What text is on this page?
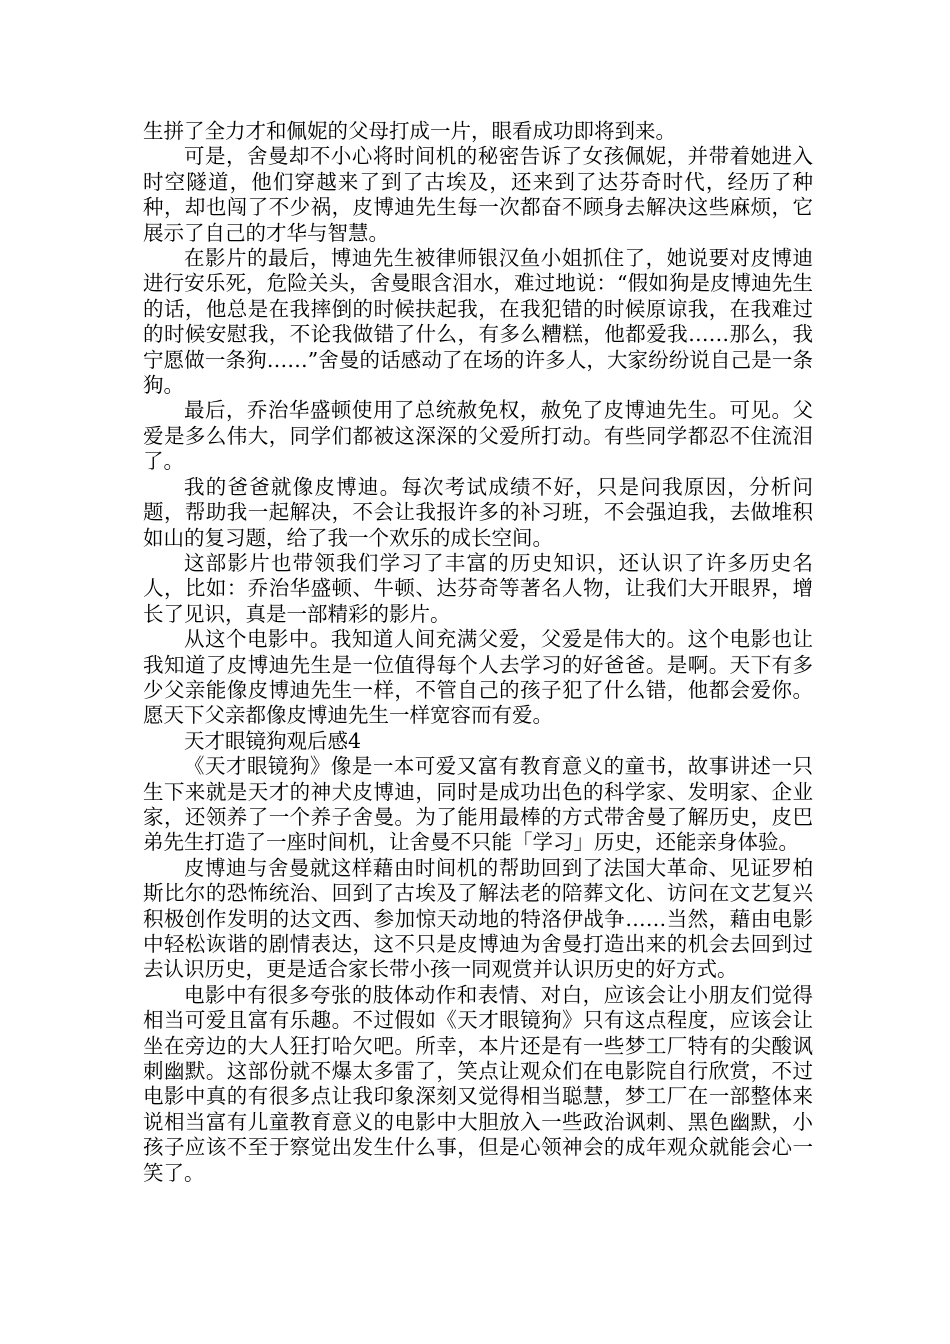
生拼了全力才和佩妮的父母打成一片，眼看成功即将到来。

可是，舍曼却不小心将时间机的秘密告诉了女孩佩妮，并带着她进入时空隧道，他们穿越来了到了古埃及，还来到了达芬奇时代，经历了种种，却也闯了不少祸，皮博迪先生每一次都奋不顾身去解决这些麻烦，它展示了自己的才华与智慧。

在影片的最后，博迪先生被律师银汉鱼小姐抓住了，她说要对皮博迪进行安乐死，危险关头，舍曼眼含泪水，难过地说：“假如狗是皮博迪先生的话，他总是在我摔倒的时候扶起我，在我犯错的时候原谅我，在我难过的时候安慰我，不论我做错了什么，有多么糟糕，他都爱我……那么，我宁愿做一条狗……”舍曼的话感动了在场的许多人，大家纷纷说自己是一条狗。

最后，乔治华盛顿使用了总统赦免权，赦免了皮博迪先生。可见。父爱是多么伟大，同学们都被这深深的父爱所打动。有些同学都忍不住流泪了。

我的爸爸就像皮博迪。每次考试成绩不好，只是问我原因，分析问题，帮助我一起解决，不会让我报许多的补习班，不会强迫我，去做堆积如山的复习题，给了我一个欢乐的成长空间。

这部影片也带领我们学习了丰富的历史知识，还认识了许多历史名人，比如：乔治华盛顿、牛顿、达芬奇等著名人物，让我们大开眼界，增长了见识，真是一部精彩的影片。

从这个电影中。我知道人间充满父爱，父爱是伟大的。这个电影也让我知道了皮博迪先生是一位值得每个人去学习的好爸爸。是啊。天下有多少父亲能像皮博迪先生一样，不管自己的孩子犯了什么错，他都会爱你。愿天下父亲都像皮博迪先生一样宽容而有爱。

天才眼镜狗观后感4

《天才眼镜狗》像是一本可爱又富有教育意义的童书，故事讲述一只生下来就是天才的神犬皮博迪，同时是成功出色的科学家、发明家、企业家，还领养了一个养子舍曼。为了能用最棒的方式带舍曼了解历史，皮巴弟先生打造了一座时间机，让舍曼不只能「学习」历史，还能亲身体验。

皮博迪与舍曼就这样藉由时间机的帮助回到了法国大革命、见证罗柏斯比尔的恐怖统治、回到了古埃及了解法老的陪葬文化、访问在文艺复兴积极创作发明的达文西、参加惊天动地的特洛伊战争……当然，藉由电影中轻松诙谐的剧情表达，这不只是皮博迪为舍曼打造出来的机会去回到过去认识历史，更是适合家长带小孩一同观赏并认识历史的好方式。

电影中有很多夸张的肢体动作和表情、对白，应该会让小朋友们觉得相当可爱且富有乐趣。不过假如《天才眼镜狗》只有这点程度，应该会让坐在旁边的大人狂打哈欠吧。所幸，本片还是有一些梦工厂特有的尖酸讽刺幽默。这部份就不爆太多雷了，笑点让观众们在电影院自行欣赏，不过电影中真的有很多点让我印象深刻又觉得相当聪慧，梦工厂在一部整体来说相当富有儿童教育意义的电影中大胆放入一些政治讽刺、黑色幽默，小孩子应该不至于察觉出发生什么事，但是心领神会的成年观众就能会心一笑了。
